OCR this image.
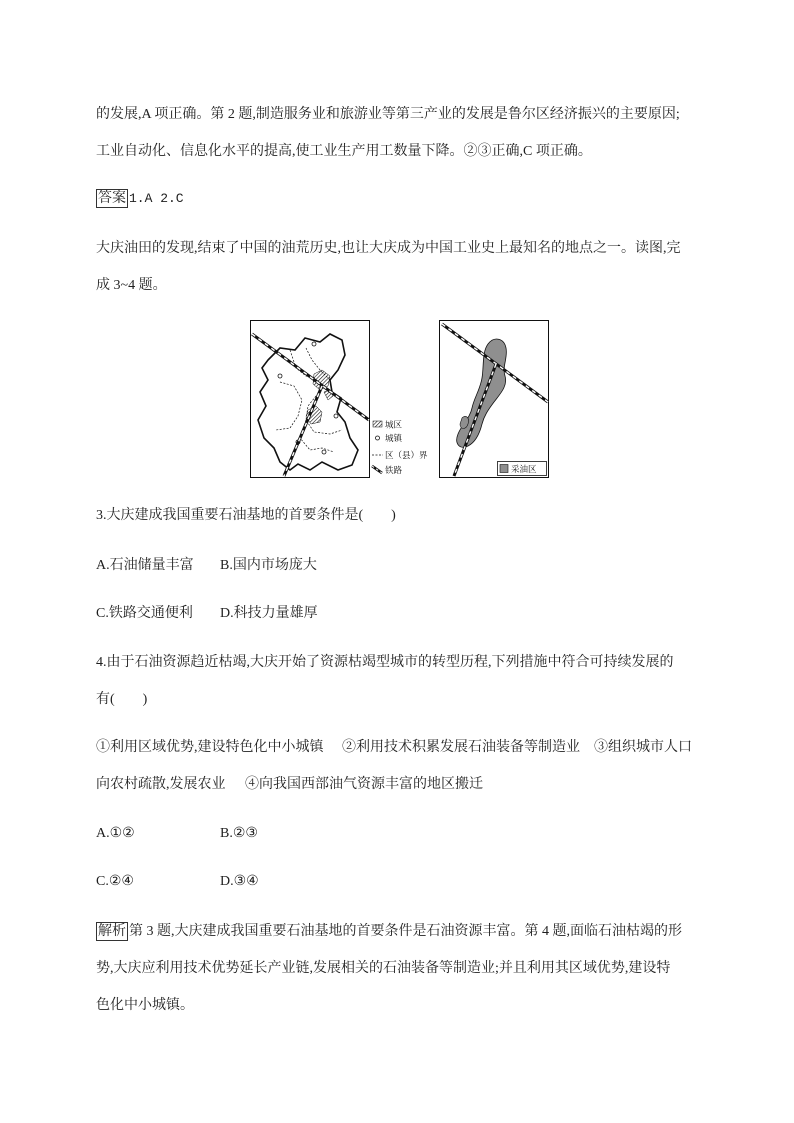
的发展,A 项正确。第 2 题,制造服务业和旅游业等第三产业的发展是鲁尔区经济振兴的主要原因;
工业自动化、信息化水平的提高,使工业生产用工数量下降。②③正确,C 项正确。
答案 1.A 2.C
大庆油田的发现,结束了中国的油荒历史,也让大庆成为中国工业史上最知名的地点之一。读图,完
成 3~4 题。
城区
城镇
区（县）界
铁路	采油区
3.大庆建成我国重要石油基地的首要条件是(　　)
A.石油储量丰富 B.国内市场庞大
C.铁路交通便利 D.科技力量雄厚
4.由于石油资源趋近枯竭,大庆开始了资源枯竭型城市的转型历程,下列措施中符合可持续发展的
有(　　)
①利用区域优势,建设特色化中小城镇 ②利用技术积累发展石油装备等制造业 ③组织城市人口
向农村疏散,发展农业 ④向我国西部油气资源丰富的地区搬迁
A.①②	B.②③
C.②④	D.③④
解析 第 3 题,大庆建成我国重要石油基地的首要条件是石油资源丰富。第 4 题,面临石油枯竭的形
势,大庆应利用技术优势延长产业链,发展相关的石油装备等制造业;并且利用其区域优势,建设特
色化中小城镇。
